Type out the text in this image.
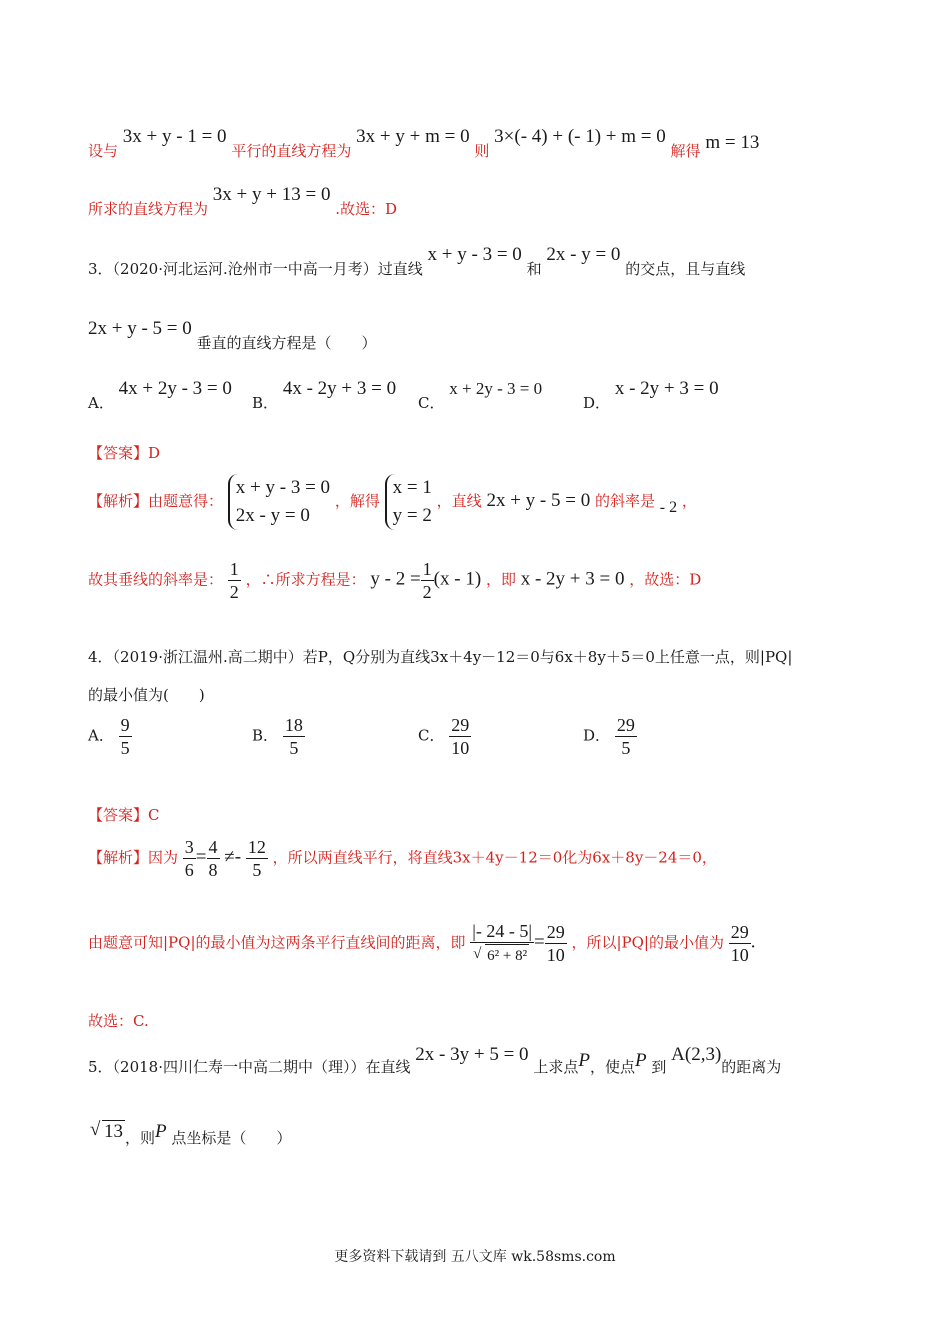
设与 3x + y - 1 = 0 平行的直线方程为 3x + y + m = 0 则 3×(- 4) + (- 1) + m = 0 解得 m = 13
所求的直线方程为 3x + y + 13 = 0 .故选：D
3．（2020·河北运河.沧州市一中高一月考）过直线 x + y - 3 = 0 和 2x - y = 0 的交点，且与直线
2x + y - 5 = 0 垂直的直线方程是（　　）
A． 4x + 2y - 3 = 0
B． 4x - 2y + 3 = 0
C． x + 2y - 3 = 0
D． x - 2y + 3 = 0
【答案】D
【解析】由题意得：
x + y - 3 = 0
2x - y = 0
，解得
x = 1
y = 2
，直线 2x + y - 5 = 0 的斜率是 - 2 ，
故其垂线的斜率是： $\frac{1}{2}$ ，∴所求方程是： $y - 2 = \frac{1}{2} (x - 1)$ ，即 x - 2y + 3 = 0 ，故选：D
4．（2019·浙江温州.高二期中）若P，Q分别为直线3x＋4y－12＝0与6x＋8y＋5＝0上任意一点，则|PQ|
的最小值为(　　)
A． $\frac{9}{5}$	B． $\frac{18}{5}$	C． $\frac{29}{10}$	D． $\frac{29}{5}$
【答案】C
【解析】因为 $\frac{3}{6} = \frac{4}{8} \ne- \frac{12}{5}$ ，所以两直线平行，将直线3x＋4y－12＝0化为6x＋8y－24＝0，
由题意可知|PQ|的最小值为这两条平行直线间的距离，即 |- 24 - 5|
√ $6^2 + 8^2 = \frac{29}{10}$ ，所以|PQ|的最小值为 $\frac{29}{10}$ .
故选：C.
5．（2018·四川仁寿一中高二期中（理））在直线 2x - 3y + 5 = 0 上求点P，使点P 到 A(2,3)的距离为
√ 13 ，则P 点坐标是（　　）
更多资料下载请到 五八文库 wk.58sms.com
